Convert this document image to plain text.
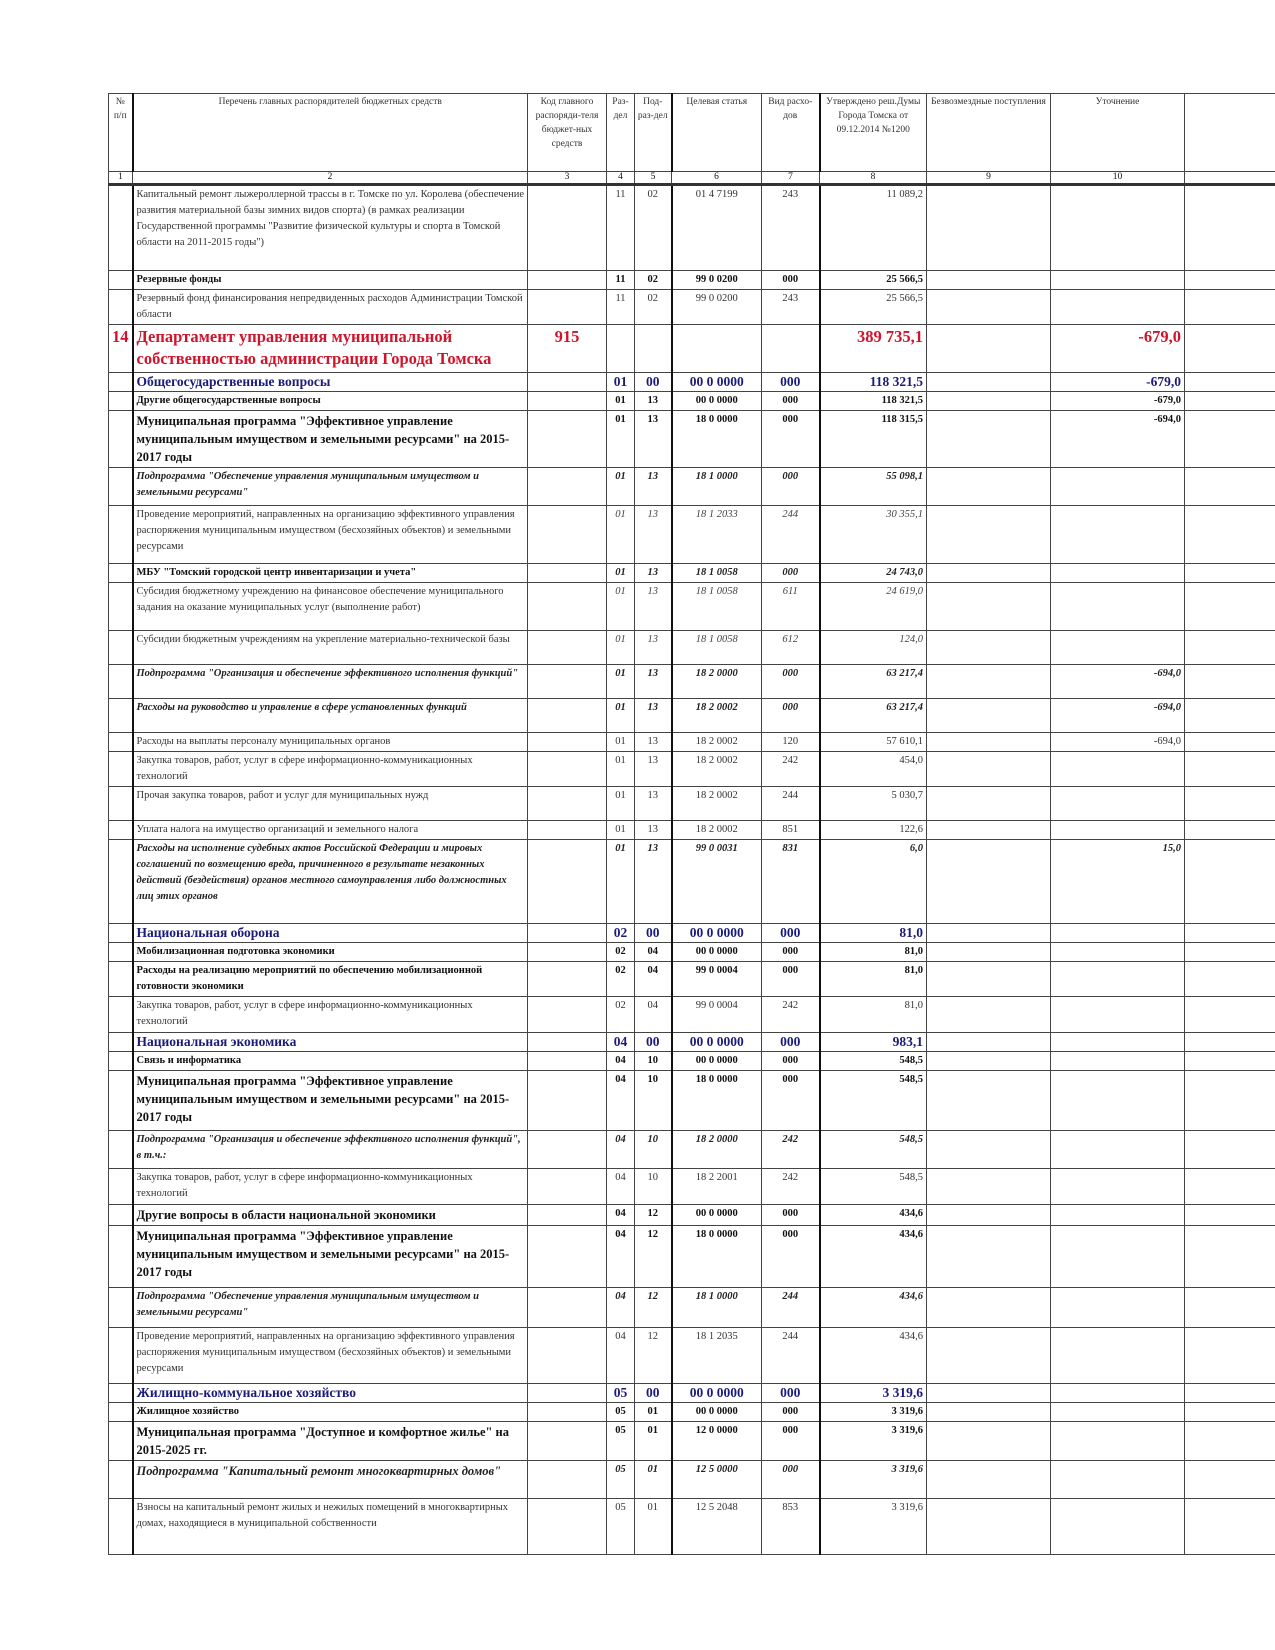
№ п/п	Перечень главных распорядителей бюджетных средств	Код главного распоряди-теля бюджет-ных средств	Раз-дел	Под-раз-дел	Целевая статья	Вид расхо-дов	Утверждено реш.Думы Города Томска от 09.12.2014 №1200	Безвозмездные поступления	Уточнение	
1	2	3	4	5	6	7	8	9	10	
	Капитальный ремонт лыжероллерной трассы в г. Томске по ул. Королева (обеспечение развития материальной базы зимних видов спорта) (в рамках реализации Государственной программы "Развитие физической культуры и спорта в Томской области на 2011-2015 годы")		11	02	01 4 7199	243	11 089,2			
	Резервные фонды		11	02	99 0 0200	000	25 566,5			
	Резервный фонд финансирования непредвиденных расходов Администрации Томской области		11	02	99 0 0200	243	25 566,5			
14	Департамент управления муниципальной собственностью администрации Города Томска	915					389 735,1		-679,0	
	Общегосударственные вопросы		01	00	00 0 0000	000	118 321,5		-679,0	
	Другие общегосударственные вопросы		01	13	00 0 0000	000	118 321,5		-679,0	
	Муниципальная программа "Эффективное управление муниципальным имуществом и земельными ресурсами" на 2015-2017 годы		01	13	18 0 0000	000	118 315,5		-694,0	
	Подпрограмма "Обеспечение управления муниципальным имуществом и земельными ресурсами"		01	13	18 1 0000	000	55 098,1			
	Проведение мероприятий, направленных на организацию эффективного управления распоряжения муниципальным имуществом (бесхозяйных объектов) и земельными ресурсами		01	13	18 1 2033	244	30 355,1			
	МБУ "Томский городской центр инвентаризации и учета"		01	13	18 1 0058	000	24 743,0			
	Субсидия бюджетному учреждению на финансовое обеспечение муниципального задания на оказание муниципальных услуг (выполнение работ)		01	13	18 1 0058	611	24 619,0			
	Субсидии бюджетным учреждениям на укрепление материально-технической базы		01	13	18 1 0058	612	124,0			
	Подпрограмма "Организация и обеспечение эффективного исполнения функций"		01	13	18 2 0000	000	63 217,4		-694,0	
	Расходы на руководство и управление в сфере установленных функций		01	13	18 2 0002	000	63 217,4		-694,0	
	Расходы на выплаты персоналу муниципальных органов		01	13	18 2 0002	120	57 610,1		-694,0	
	Закупка товаров, работ, услуг в сфере информационно-коммуникационных технологий		01	13	18 2 0002	242	454,0			
	Прочая закупка товаров, работ и услуг для муниципальных нужд		01	13	18 2 0002	244	5 030,7			
	Уплата налога на имущество организаций и земельного налога		01	13	18 2 0002	851	122,6			
	Расходы на исполнение судебных актов Российской Федерации и мировых соглашений по возмещению вреда, причиненного в результате незаконных действий (бездействия) органов местного самоуправления либо должностных лиц этих органов		01	13	99 0 0031	831	6,0		15,0	
	Национальная оборона		02	00	00 0 0000	000	81,0			
	Мобилизационная подготовка экономики		02	04	00 0 0000	000	81,0			
	Расходы на реализацию мероприятий по обеспечению мобилизационной готовности экономики		02	04	99 0 0004	000	81,0			
	Закупка товаров, работ, услуг в сфере информационно-коммуникационных технологий		02	04	99 0 0004	242	81,0			
	Национальная экономика		04	00	00 0 0000	000	983,1			
	Связь и информатика		04	10	00 0 0000	000	548,5			
	Муниципальная программа "Эффективное управление муниципальным имуществом и земельными ресурсами" на 2015-2017 годы		04	10	18 0 0000	000	548,5			
	Подпрограмма "Организация и обеспечение эффективного исполнения функций", в т.ч.:		04	10	18 2 0000	242	548,5			
	Закупка товаров, работ, услуг в сфере информационно-коммуникационных технологий		04	10	18 2 2001	242	548,5			
	Другие вопросы в области национальной экономики		04	12	00 0 0000	000	434,6			
	Муниципальная программа "Эффективное управление муниципальным имуществом и земельными ресурсами" на 2015-2017 годы		04	12	18 0 0000	000	434,6			
	Подпрограмма "Обеспечение управления муниципальным имуществом и земельными ресурсами"		04	12	18 1 0000	244	434,6			
	Проведение мероприятий, направленных на организацию эффективного управления распоряжения муниципальным имуществом (бесхозяйных объектов) и земельными ресурсами		04	12	18 1 2035	244	434,6			
	Жилищно-коммунальное хозяйство		05	00	00 0 0000	000	3 319,6			
	Жилищное хозяйство		05	01	00 0 0000	000	3 319,6			
	Муниципальная программа "Доступное и комфортное жилье" на 2015-2025 гг.		05	01	12 0 0000	000	3 319,6			
	Подпрограмма "Капитальный ремонт многоквартирных домов"		05	01	12 5 0000	000	3 319,6			
	Взносы на капитальный ремонт жилых и нежилых помещений в многоквартирных домах, находящиеся в муниципальной собственности		05	01	12 5 2048	853	3 319,6			
